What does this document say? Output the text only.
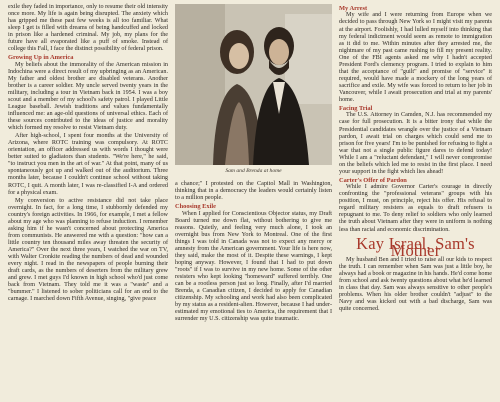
exile they faded in importance, only to resume their old intensity once more. My life is again being disrupted. The anxiety which has gripped me these past few weeks is all too familiar. What sleep I get is filled with dreams of being handcuffed and locked in prison like a hardened criminal. My job, my plans for the future have all evaporated like a puff of smoke. Instead of college this Fall, I face the distinct possibility of federal prison.

Growing Up in America

My beliefs about the immorality of the American mission in Indochina were a direct result of my upbringing as an American. My father and oldest brother are disabled veterans. Another brother is a career soldier. My uncle served twenty years in the military, including a tour in Vietnam back in 1954. I was a boy scout and a member of my school's safety patrol. I played Little League baseball. Jewish traditions and values fundamentally influenced me: an age-old questions of universal ethics. Each of these sources contributed to the ideas of justice and morality which formed my resolve to resist Vietnam duty.

After high-school, I spent four months at the University of Arizona, where ROTC training was compulsory. At ROTC orientation, an officer addressed us with words I thought were better suited to gladiators than students. "We're here," he said, "to instruct you men in the art of war." At that point, many of us spontaneously got up and walked out of the auditorium. Three months later, because I couldn't continue school without taking ROTC, I quit. A month later, I was re-classified I-A and ordered for a physical exam.

My conversion to active resistance did not take place overnight. In fact, for a long time, I stubbornly defended my country's foreign activities. In 1966, for example, I met a fellow about my age who was planning to refuse induction. I remember asking him if he wasn't concerned about protecting America from communists. He answered me with a question: "how can a little country ten thousand miles away threaten the security of America?" Over the next three years, I watched the war on TV, with Walter Cronkite reading the numbers of dead and wounded every night. I read in the newspapers of people burning their draft cards, as the numbers of deserters from the military grew and grew. I met guys I'd known in high school who'd just come back from Vietnam. They told me it was a "waste" and a "bummer." I listened to sober politicians call for an end to the carnage. I marched down Fifth Avenue, singing, "give peace

Sam and Brenda at home

a chance;" I protested on the Capitol Mall in Washington, thinking that in a democracy the leaders would certainly listen to a million people.

Choosing Exile

When I applied for Conscientious Objector status, my Draft Board turned me down flat, without bothering to give me reasons. Quietly, and feeling very much alone, I took an overnight bus from New York to Montreal. One of the first things I was told in Canada was not to expect any mercy or amnesty from the American government. Your life is here now, they said, make the most of it. Despite these warnings, I kept hoping anyway. However, I found that I had to put down "roots" if I was to survive in my new home. Some of the other resisters who kept looking "homeward" suffered terribly. One can be a rootless person just so long. Finally, after I'd married Brenda, a Canadian citizen, I decided to apply for Canadian citizenship. My schooling and work had also been complicated by my status as a resident-alien. However, because I had under-estimated my emotional ties to America, the requirement that I surrender my U.S. citizenship was quite traumatic.

My Arrest

My wife and I were returning from Europe when we decided to pass through New York so I might visit my parents at the airport. Foolishly, I had lulled myself into thinking that my federal indictment would seem as remote to immigration as it did to me. Within minutes after they arrested me, the nightmare of my past came rushing to fill my present reality. One of the FBI agents asked me why I hadn't accepted President Ford's clemency program. I tried to explain to him that the acceptance of "guilt" and promise of "service" it required, would have made a mockery of the long years of sacrifice and exile. My wife was forced to return to her job in Vancouver, while I await prosecution and trial at my parents' home.

Facing Trial

The U.S. Attorney in Camden, N.J. has recommended my case for full prosecution. It is a bitter irony that while the Presidential candidates wrangle over the justice of a Vietnam pardon, I await trial on charges which could send me to prison for five years! I'm to be punished for refusing to fight a war that not a single public figure dares to defend today! While I am a "reluctant defendant," I will never compromise on the beliefs which led me to resist in the first place. I need your support in the fight which lies ahead!

Carter's Offer of Pardon

While I admire Governor Carter's courage in directly confronting the "professional veterans" groups with his position, I must, on principle, reject his offer. His refusal to regard military resisters as equals to draft refusers is repugnant to me. To deny relief to soldiers who only learned the truth about Vietnam after they were in uniform is nothing less than racial and economic discrimination.

Kay Israel, Sam's Mother

My husband Ben and I tried to raise all our kids to respect the truth. I can remember when Sam was just a little boy, he always had a book or magazine in his hands. He'd come home from school and ask twenty questions about what he'd learned in class that day. Sam was always sensitive to other people's problems. When his older brother couldn't "adjust" to the Navy and was kicked out with a bad discharge, Sam was quite concerned.
